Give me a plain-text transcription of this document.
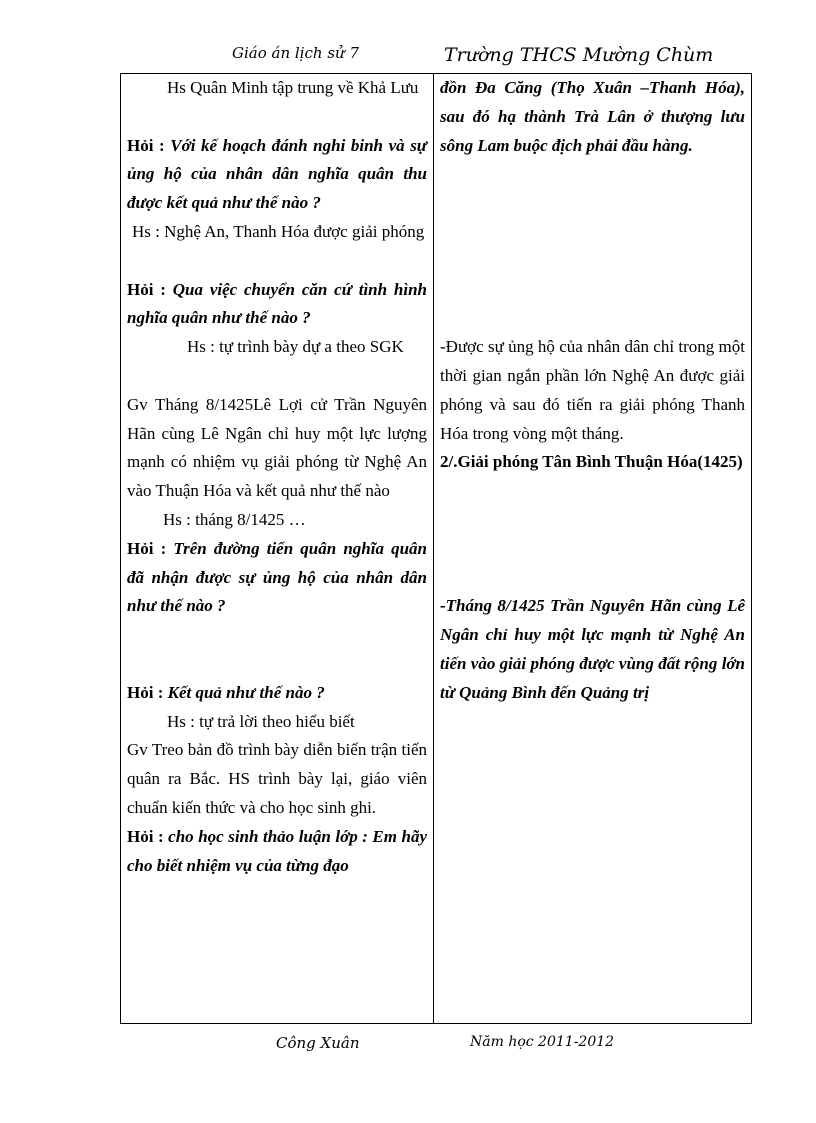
Giáo án lịch sử 7	Trường THCS Mường Chùm

Hs Quân Minh tập trung về Khả Lưu

Hỏi : Với kế hoạch đánh nghi binh và sự ủng hộ của nhân dân nghĩa quân thu được kết quả như thế nào ?

Hs : Nghệ An, Thanh Hóa được giải phóng

Hỏi : Qua việc chuyển căn cứ tình hình nghĩa quân như thế nào ?

Hs : tự trình bày dự a theo SGK

Gv Tháng 8/1425Lê Lợi cử Trần Nguyên Hãn cùng Lê Ngân chỉ huy một lực lượng mạnh có nhiệm vụ giải phóng từ Nghệ An vào Thuận Hóa và kết quả như thế nào

Hs : tháng 8/1425 …

Hỏi : Trên đường tiến quân nghĩa quân đã nhận được sự ủng hộ của nhân dân như thế nào ?

Hỏi : Kết quả như thế nào ?

Hs : tự trả lời theo hiểu biết

Gv Treo bản đồ trình bày diễn biến trận tiến quân ra Bắc. HS trình bày lại, giáo viên chuẩn kiến thức và cho học sinh ghi.

Hỏi : cho học sinh thảo luận lớp : Em hãy cho biết nhiệm vụ của từng đạo

đồn Đa Căng (Thọ Xuân –Thanh Hóa), sau đó hạ thành Trà Lân ở thượng lưu sông Lam buộc địch phải đầu hàng.

-Được sự ủng hộ của nhân dân chỉ trong một thời gian ngắn phần lớn Nghệ An được giải phóng và sau đó tiến ra giải phóng Thanh Hóa trong vòng một tháng.

2/.Giải phóng Tân Bình Thuận Hóa(1425)

-Tháng 8/1425 Trần Nguyên Hãn cùng Lê Ngân chỉ huy một lực mạnh từ Nghệ An tiến vào giải phóng được vùng đất rộng lớn từ Quảng Bình đến Quảng trị

Công Xuân	Năm học 2011-2012
